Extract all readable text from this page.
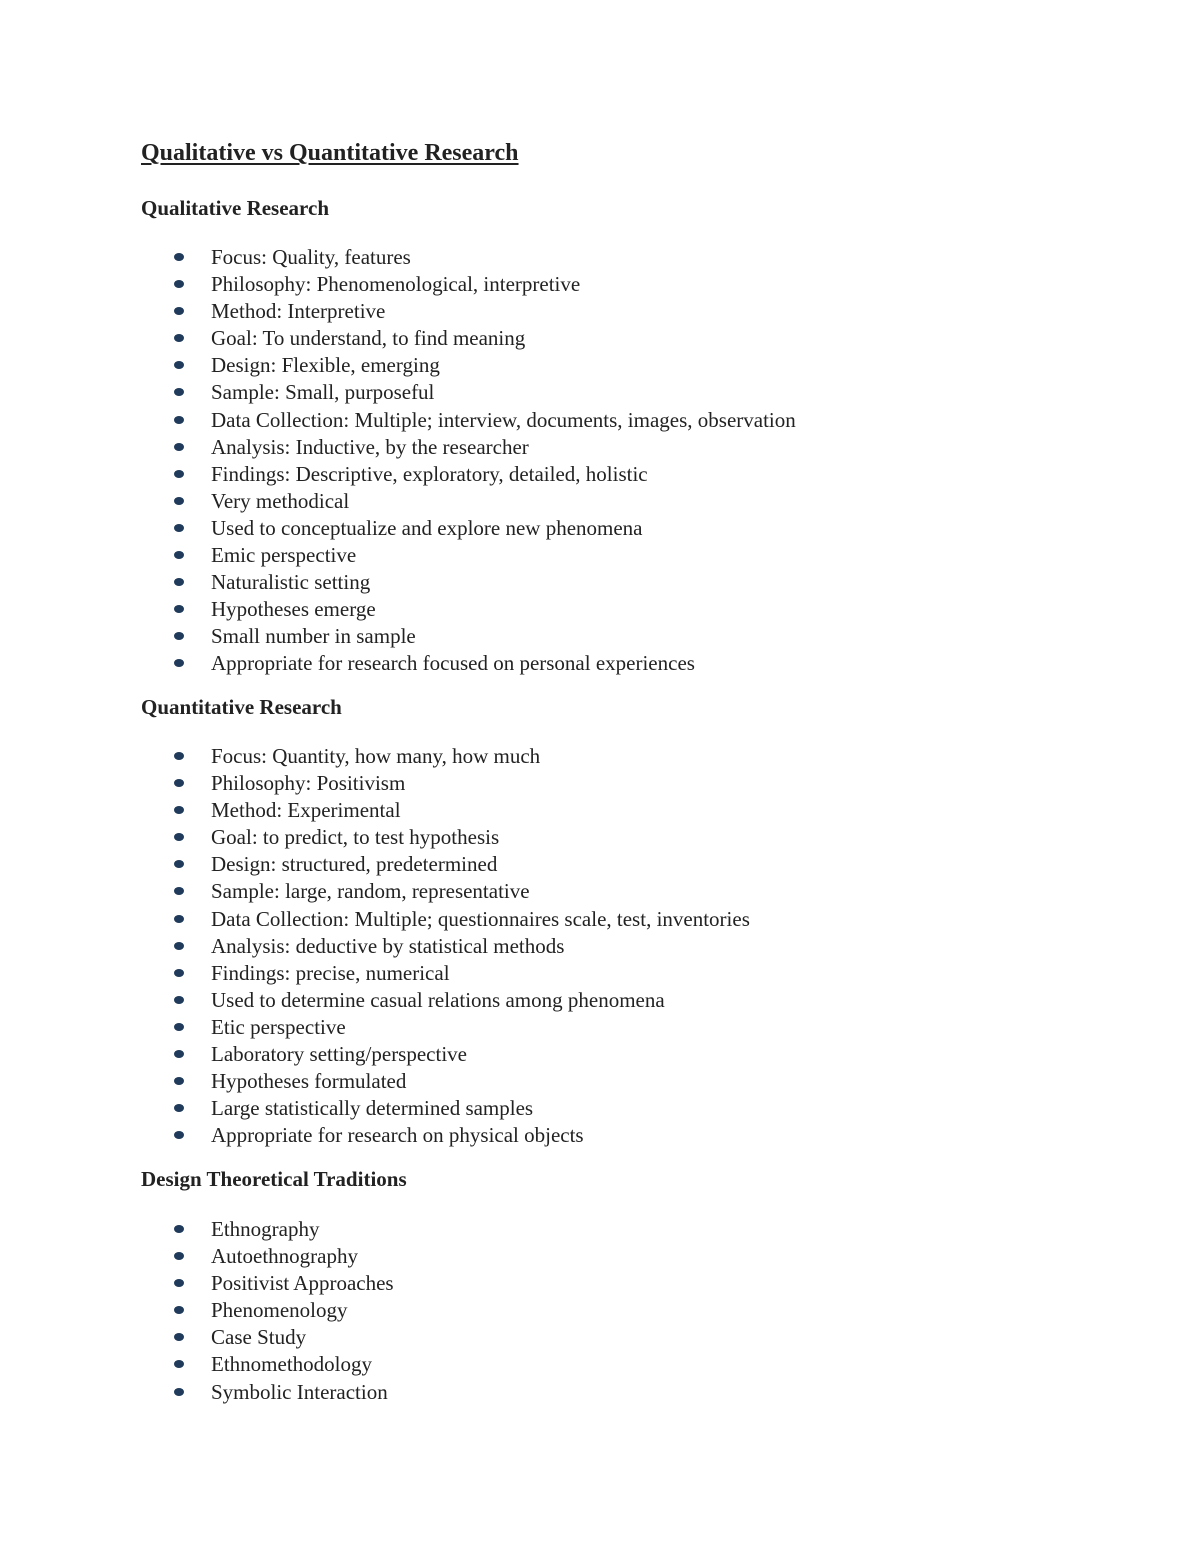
Qualitative vs Quantitative Research
Qualitative Research
Focus: Quality, features
Philosophy: Phenomenological, interpretive
Method: Interpretive
Goal: To understand, to find meaning
Design: Flexible, emerging
Sample: Small, purposeful
Data Collection: Multiple; interview, documents, images, observation
Analysis: Inductive, by the researcher
Findings: Descriptive, exploratory, detailed, holistic
Very methodical
Used to conceptualize and explore new phenomena
Emic perspective
Naturalistic setting
Hypotheses emerge
Small number in sample
Appropriate for research focused on personal experiences
Quantitative Research
Focus: Quantity, how many, how much
Philosophy: Positivism
Method: Experimental
Goal: to predict, to test hypothesis
Design: structured, predetermined
Sample: large, random, representative
Data Collection: Multiple; questionnaires scale, test, inventories
Analysis: deductive by statistical methods
Findings: precise, numerical
Used to determine casual relations among phenomena
Etic perspective
Laboratory setting/perspective
Hypotheses formulated
Large statistically determined samples
Appropriate for research on physical objects
Design Theoretical Traditions
Ethnography
Autoethnography
Positivist Approaches
Phenomenology
Case Study
Ethnomethodology
Symbolic Interaction
